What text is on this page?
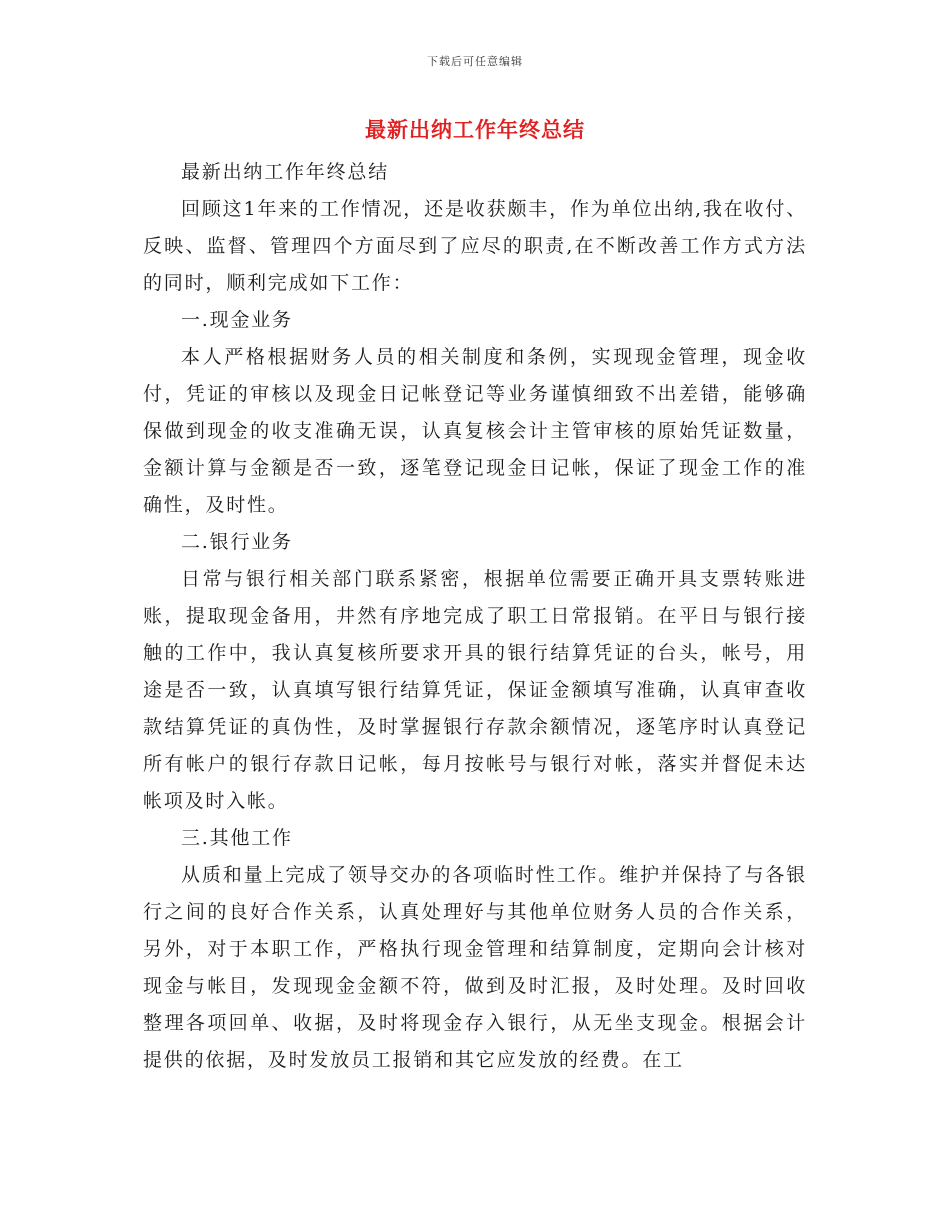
下载后可任意编辑
最新出纳工作年终总结

最新出纳工作年终总结

回顾这1年来的工作情况，还是收获颇丰，作为单位出纳,我在收付、反映、监督、管理四个方面尽到了应尽的职责,在不断改善工作方式方法的同时，顺利完成如下工作：

一.现金业务

本人严格根据财务人员的相关制度和条例，实现现金管理，现金收付，凭证的审核以及现金日记帐登记等业务谨慎细致不出差错，能够确保做到现金的收支准确无误，认真复核会计主管审核的原始凭证数量，金额计算与金额是否一致，逐笔登记现金日记帐，保证了现金工作的准确性，及时性。

二.银行业务

日常与银行相关部门联系紧密，根据单位需要正确开具支票转账进账，提取现金备用，井然有序地完成了职工日常报销。在平日与银行接触的工作中，我认真复核所要求开具的银行结算凭证的台头，帐号，用途是否一致，认真填写银行结算凭证，保证金额填写准确，认真审查收款结算凭证的真伪性，及时掌握银行存款余额情况，逐笔序时认真登记所有帐户的银行存款日记帐，每月按帐号与银行对帐，落实并督促未达帐项及时入帐。

三.其他工作

从质和量上完成了领导交办的各项临时性工作。维护并保持了与各银行之间的良好合作关系，认真处理好与其他单位财务人员的合作关系，另外，对于本职工作，严格执行现金管理和结算制度，定期向会计核对现金与帐目，发现现金金额不符，做到及时汇报，及时处理。及时回收整理各项回单、收据，及时将现金存入银行，从无坐支现金。根据会计提供的依据，及时发放员工报销和其它应发放的经费。在工
